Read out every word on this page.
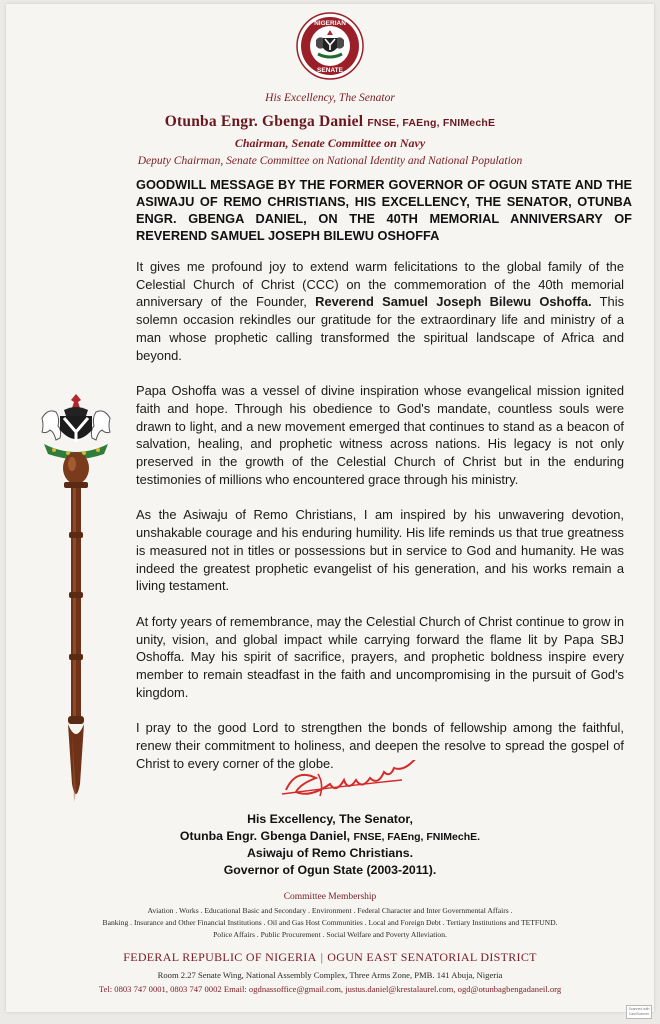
NIGERIAN
SENATE
His Excellency, The Senator
Otunba Engr. Gbenga Daniel FNSE, FAEng, FNIMechE
Chairman, Senate Committee on Navy
Deputy Chairman, Senate Committee on National Identity and National Population
GOODWILL MESSAGE BY THE FORMER GOVERNOR OF OGUN STATE AND THE ASIWAJU OF REMO CHRISTIANS, HIS EXCELLENCY, THE SENATOR, OTUNBA ENGR. GBENGA DANIEL, ON THE 40TH MEMORIAL ANNIVERSARY OF REVEREND SAMUEL JOSEPH BILEWU OSHOFFA

It gives me profound joy to extend warm felicitations to the global family of the Celestial Church of Christ (CCC) on the commemoration of the 40th memorial anniversary of the Founder, Reverend Samuel Joseph Bilewu Oshoffa. This solemn occasion rekindles our gratitude for the extraordinary life and ministry of a man whose prophetic calling transformed the spiritual landscape of Africa and beyond.

Papa Oshoffa was a vessel of divine inspiration whose evangelical mission ignited faith and hope. Through his obedience to God's mandate, countless souls were drawn to light, and a new movement emerged that continues to stand as a beacon of salvation, healing, and prophetic witness across nations. His legacy is not only preserved in the growth of the Celestial Church of Christ but in the enduring testimonies of millions who encountered grace through his ministry.

As the Asiwaju of Remo Christians, I am inspired by his unwavering devotion, unshakable courage and his enduring humility. His life reminds us that true greatness is measured not in titles or possessions but in service to God and humanity. He was indeed the greatest prophetic evangelist of his generation, and his works remain a living testament.

At forty years of remembrance, may the Celestial Church of Christ continue to grow in unity, vision, and global impact while carrying forward the flame lit by Papa SBJ Oshoffa. May his spirit of sacrifice, prayers, and prophetic boldness inspire every member to remain steadfast in the faith and uncompromising in the pursuit of God's kingdom.

I pray to the good Lord to strengthen the bonds of fellowship among the faithful, renew their commitment to holiness, and deepen the resolve to spread the gospel of Christ to every corner of the globe.

His Excellency, The Senator,
Otunba Engr. Gbenga Daniel, FNSE, FAEng, FNIMechE.
Asiwaju of Remo Christians.
Governor of Ogun State (2003-2011).
Committee Membership
Aviation . Works . Educational Basic and Secondary . Environment . Federal Character and Inter Governmental Affairs .
Banking . Insurance and Other Financial Institutions . Oil and Gas Host Communities . Local and Foreign Debt . Tertiary Institutions and TETFUND.
Police Affairs . Public Procurement . Social Welfare and Poverty Alleviation.
FEDERAL REPUBLIC OF NIGERIA | OGUN EAST SENATORIAL DISTRICT
Room 2.27 Senate Wing, National Assembly Complex, Three Arms Zone, PMB. 141 Abuja, Nigeria
Tel: 0803 747 0001, 0803 747 0002 Email: ogdnassoffice@gmail.com, justus.daniel@krestalaurel.com, ogd@otunbagbengadaneil.org
Scanned with
CamScanner
